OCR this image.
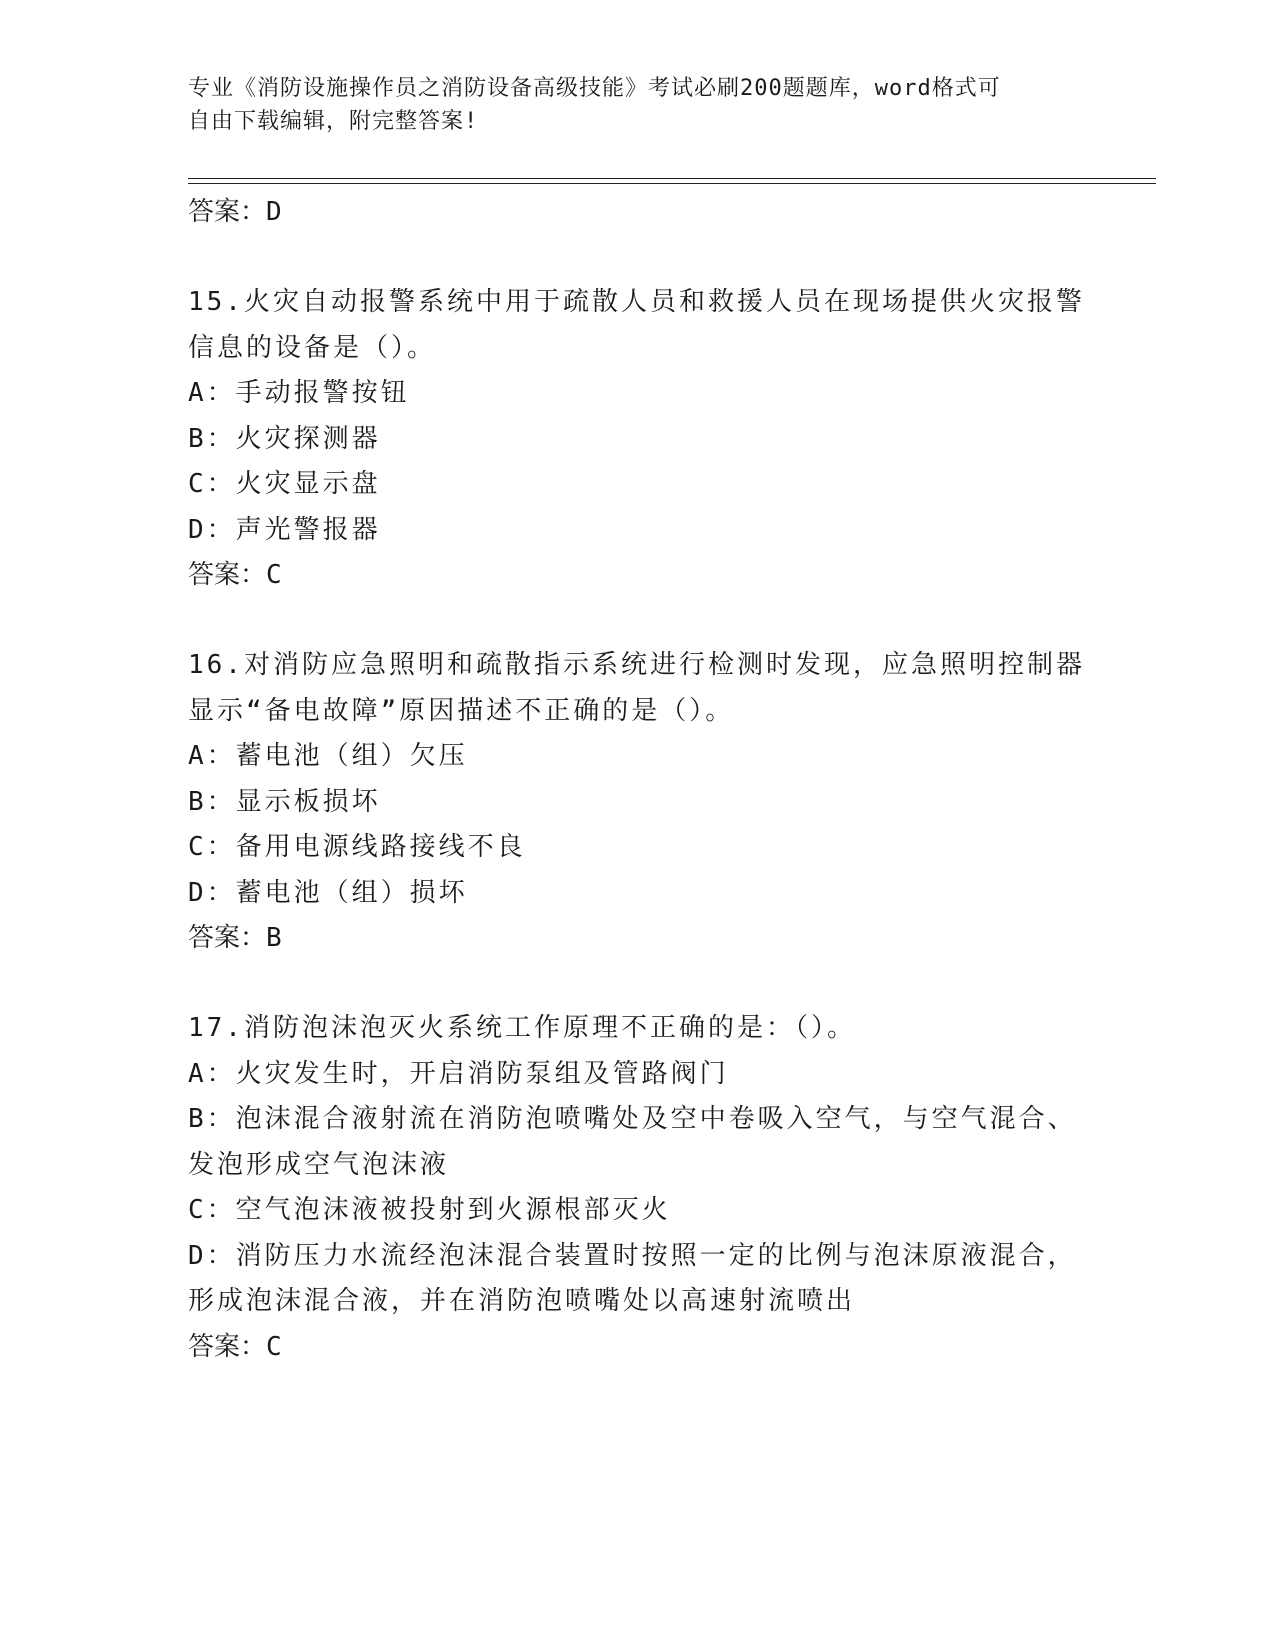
专业《消防设施操作员之消防设备高级技能》考试必刷200题题库，word格式可
自由下载编辑，附完整答案!

答案：D

15.火灾自动报警系统中用于疏散人员和救援人员在现场提供火灾报警

信息的设备是（）。

A：手动报警按钮

B：火灾探测器

C：火灾显示盘

D：声光警报器

答案：C

16.对消防应急照明和疏散指示系统进行检测时发现，应急照明控制器

显示“备电故障”原因描述不正确的是（）。

A：蓄电池（组）欠压

B：显示板损坏

C：备用电源线路接线不良

D：蓄电池（组）损坏

答案：B

17.消防泡沫泡灭火系统工作原理不正确的是：（）。

A：火灾发生时，开启消防泵组及管路阀门

B：泡沫混合液射流在消防泡喷嘴处及空中卷吸入空气，与空气混合、

发泡形成空气泡沫液

C：空气泡沫液被投射到火源根部灭火

D：消防压力水流经泡沫混合装置时按照一定的比例与泡沫原液混合，

形成泡沫混合液，并在消防泡喷嘴处以高速射流喷出

答案：C
